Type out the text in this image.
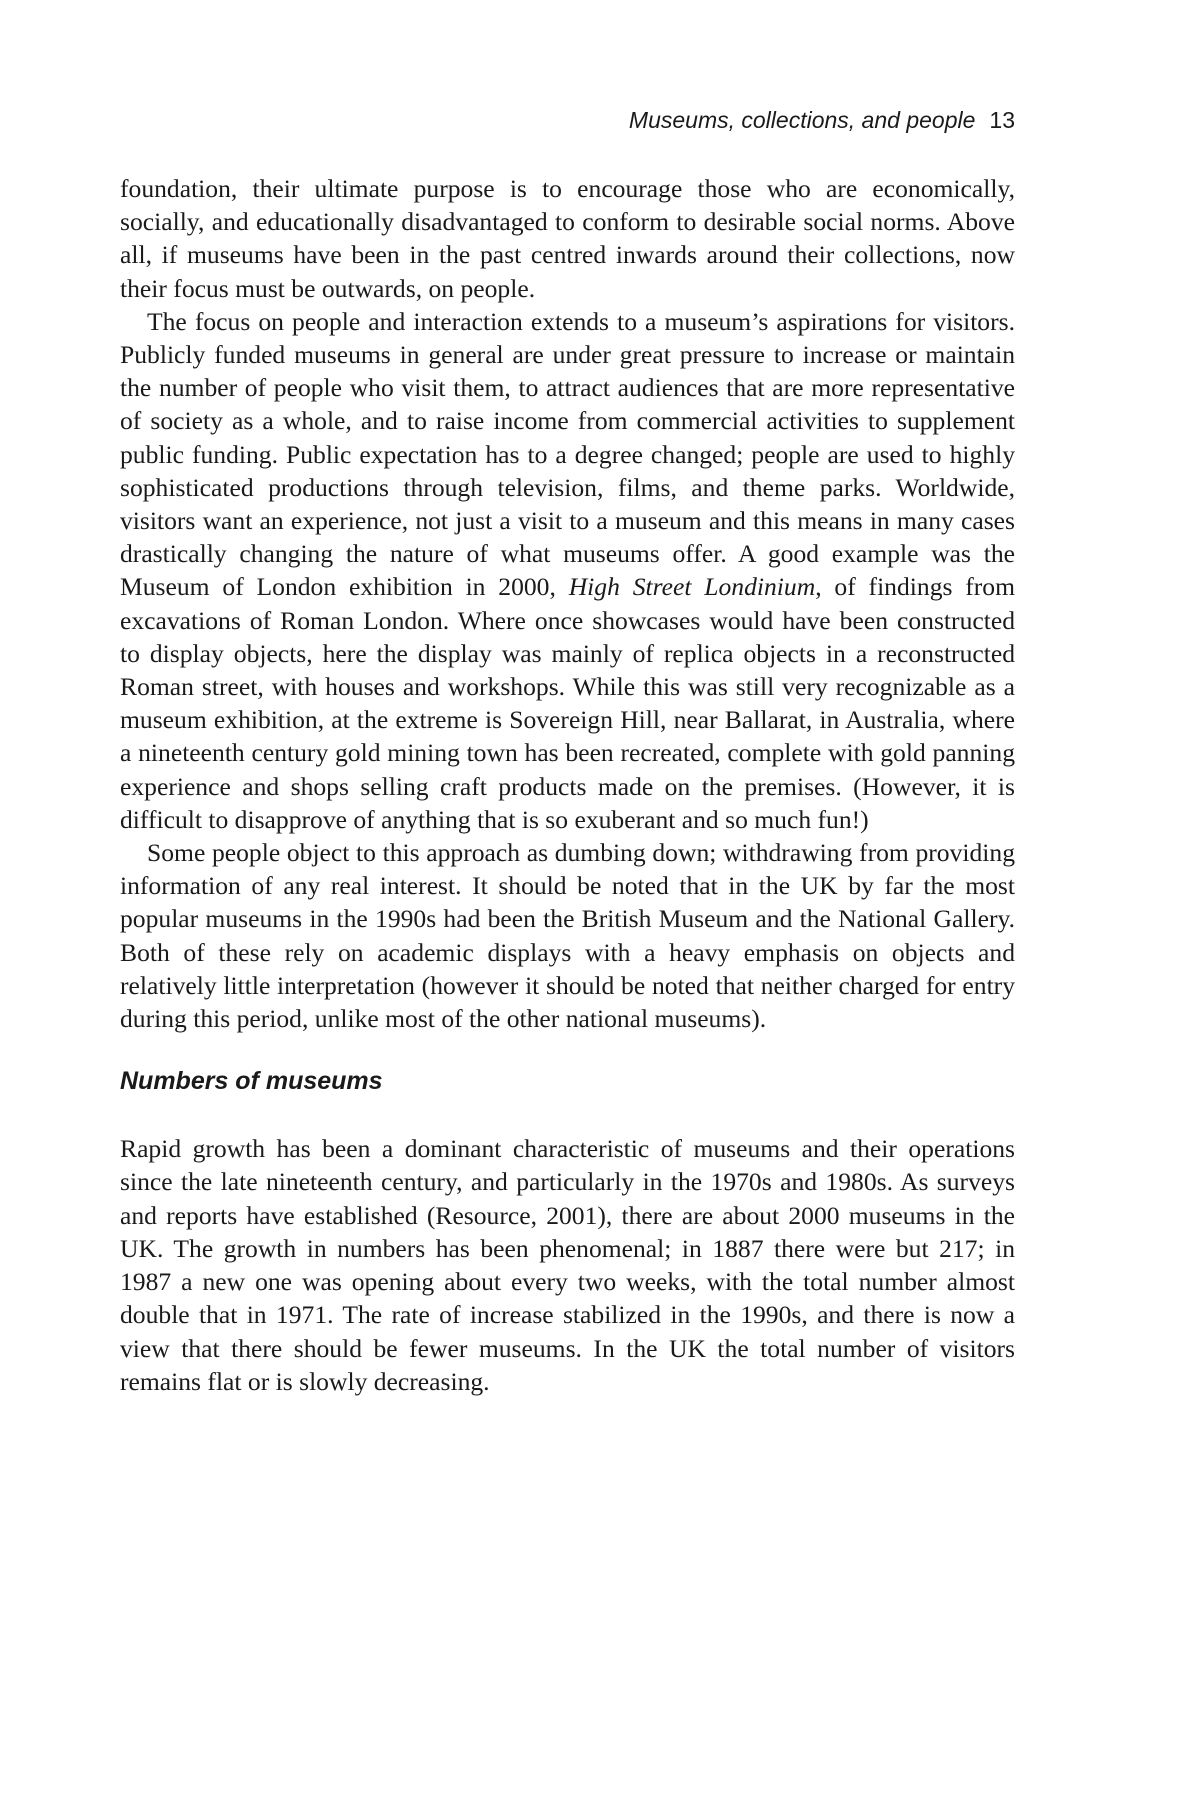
Museums, collections, and people 13

foundation, their ultimate purpose is to encourage those who are economically, socially, and educationally disadvantaged to conform to desirable social norms. Above all, if museums have been in the past centred inwards around their collections, now their focus must be outwards, on people.

The focus on people and interaction extends to a museum’s aspirations for visitors. Publicly funded museums in general are under great pressure to increase or maintain the number of people who visit them, to attract audiences that are more representative of society as a whole, and to raise income from commercial activities to supplement public funding. Public expectation has to a degree changed; people are used to highly sophisticated productions through television, films, and theme parks. Worldwide, visitors want an experience, not just a visit to a museum and this means in many cases drastically changing the nature of what museums offer. A good example was the Museum of London exhibition in 2000, High Street Londinium, of findings from excavations of Roman London. Where once showcases would have been constructed to display objects, here the display was mainly of replica objects in a reconstructed Roman street, with houses and workshops. While this was still very recognizable as a museum exhibition, at the extreme is Sovereign Hill, near Ballarat, in Australia, where a nineteenth century gold mining town has been recreated, complete with gold panning experience and shops selling craft products made on the premises. (However, it is difficult to disapprove of anything that is so exuberant and so much fun!)

Some people object to this approach as dumbing down; withdrawing from providing information of any real interest. It should be noted that in the UK by far the most popular museums in the 1990s had been the British Museum and the National Gallery. Both of these rely on academic displays with a heavy emphasis on objects and relatively little interpretation (however it should be noted that neither charged for entry during this period, unlike most of the other national museums).

Numbers of museums

Rapid growth has been a dominant characteristic of museums and their operations since the late nineteenth century, and particularly in the 1970s and 1980s. As surveys and reports have established (Resource, 2001), there are about 2000 museums in the UK. The growth in numbers has been phenomenal; in 1887 there were but 217; in 1987 a new one was opening about every two weeks, with the total number almost double that in 1971. The rate of increase stabilized in the 1990s, and there is now a view that there should be fewer museums. In the UK the total number of visitors remains flat or is slowly decreasing.
